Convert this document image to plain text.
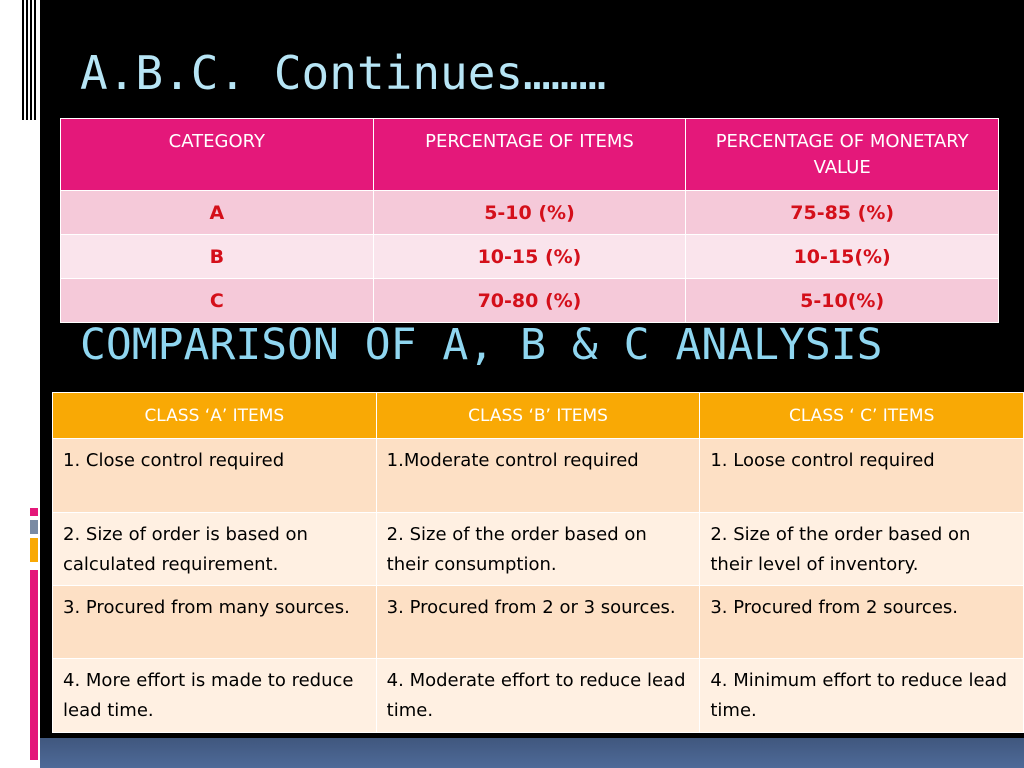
A.B.C. Continues………
CATEGORY	PERCENTAGE OF ITEMS	PERCENTAGE OF MONETARY VALUE
A	5-10 (%)	75-85 (%)
B	10-15 (%)	10-15(%)
C	70-80 (%)	5-10(%)
COMPARISON OF A, B & C ANALYSIS
CLASS ‘A’ ITEMS	CLASS ‘B’ ITEMS	CLASS ‘ C’ ITEMS
1. Close control required	1.Moderate control required	1. Loose control required
2. Size of order is based on calculated requirement.	2. Size of the order based on their consumption.	2. Size of the order based on their level of inventory.
3. Procured from many sources.	3. Procured from 2 or 3 sources.	3. Procured from 2 sources.
4. More effort is made to reduce lead time.	4. Moderate effort to reduce lead time.	4. Minimum effort to reduce lead time.
